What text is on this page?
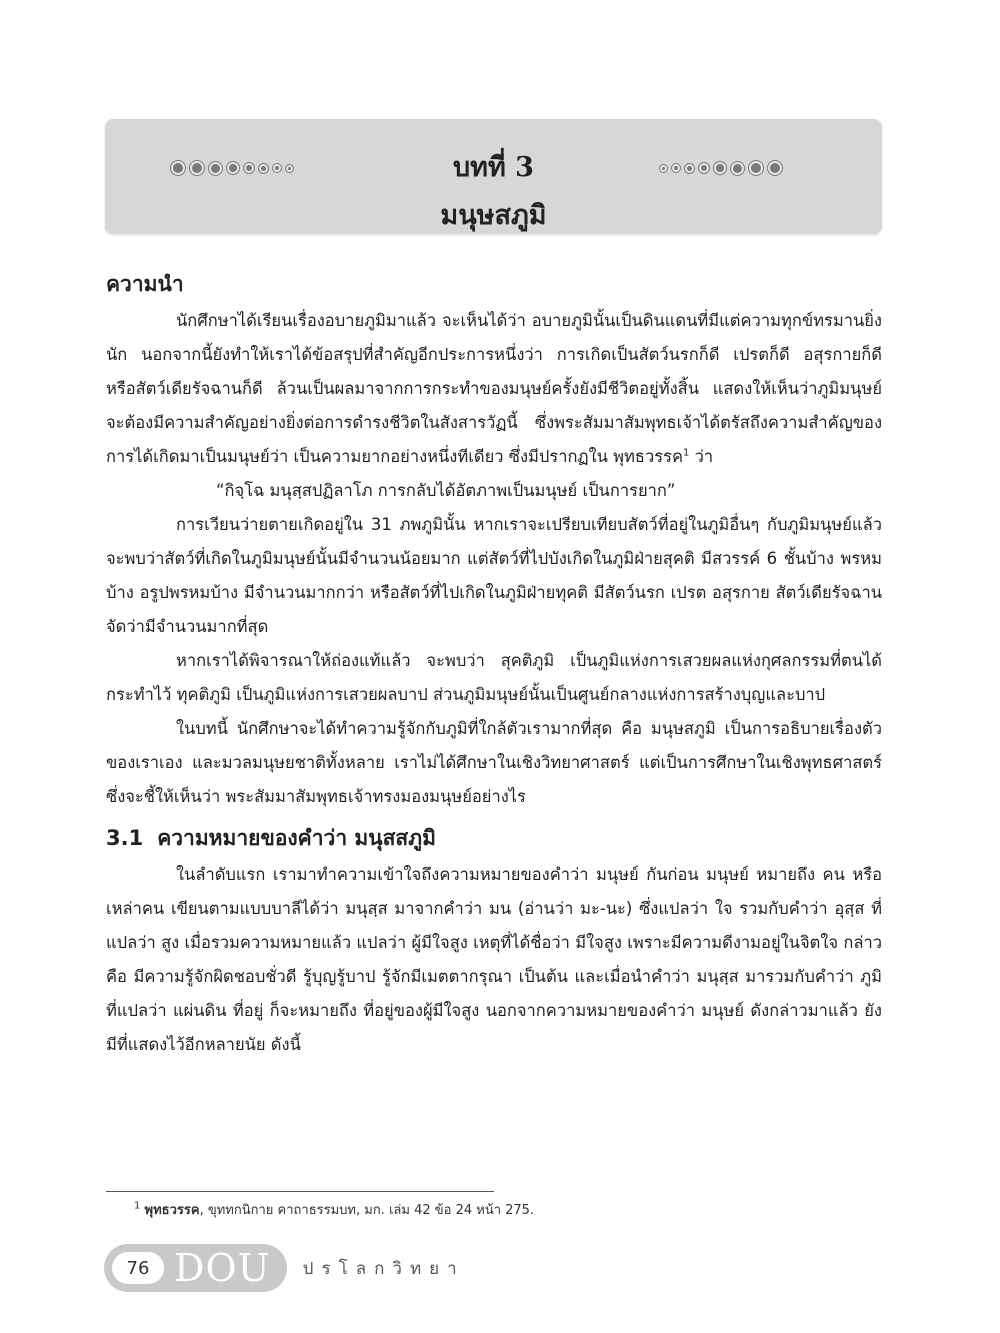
บทที่ 3
มนุษสภูมิ
ความนำ

นักศึกษาได้เรียนเรื่องอบายภูมิมาแล้ว จะเห็นได้ว่า อบายภูมินั้นเป็นดินแดนที่มีแต่ความทุกข์ทรมานยิ่งนัก นอกจากนี้ยังทำให้เราได้ข้อสรุปที่สำคัญอีกประการหนึ่งว่า การเกิดเป็นสัตว์นรกก็ดี เปรตก็ดี อสุรกายก็ดี หรือสัตว์เดียรัจฉานก็ดี ล้วนเป็นผลมาจากการกระทำของมนุษย์ครั้งยังมีชีวิตอยู่ทั้งสิ้น แสดงให้เห็นว่าภูมิมนุษย์จะต้องมีความสำคัญอย่างยิ่งต่อการดำรงชีวิตในสังสารวัฏนี้ ซึ่งพระสัมมาสัมพุทธเจ้าได้ตรัสถึงความสำคัญของการได้เกิดมาเป็นมนุษย์ว่า เป็นความยากอย่างหนึ่งทีเดียว ซึ่งมีปรากฏใน พุทธวรรค$^1$ ว่า

“กิจฺโฉ มนุสฺสปฏิลาโภ การกลับได้อัตภาพเป็นมนุษย์ เป็นการยาก”

การเวียนว่ายตายเกิดอยู่ใน 31 ภพภูมินั้น หากเราจะเปรียบเทียบสัตว์ที่อยู่ในภูมิอื่นๆ กับภูมิมนุษย์แล้ว จะพบว่าสัตว์ที่เกิดในภูมิมนุษย์นั้นมีจำนวนน้อยมาก แต่สัตว์ที่ไปบังเกิดในภูมิฝ่ายสุคติ มีสวรรค์ 6 ชั้นบ้าง พรหมบ้าง อรูปพรหมบ้าง มีจำนวนมากกว่า หรือสัตว์ที่ไปเกิดในภูมิฝ่ายทุคติ มีสัตว์นรก เปรต อสุรกาย สัตว์เดียรัจฉาน จัดว่ามีจำนวนมากที่สุด

หากเราได้พิจารณาให้ถ่องแท้แล้ว จะพบว่า สุคติภูมิ เป็นภูมิแห่งการเสวยผลแห่งกุศลกรรมที่ตนได้กระทำไว้ ทุคติภูมิ เป็นภูมิแห่งการเสวยผลบาป ส่วนภูมิมนุษย์นั้นเป็นศูนย์กลางแห่งการสร้างบุญและบาป

ในบทนี้ นักศึกษาจะได้ทำความรู้จักกับภูมิที่ใกล้ตัวเรามากที่สุด คือ มนุษสภูมิ เป็นการอธิบายเรื่องตัวของเราเอง และมวลมนุษยชาติทั้งหลาย เราไม่ได้ศึกษาในเชิงวิทยาศาสตร์ แต่เป็นการศึกษาในเชิงพุทธศาสตร์ ซึ่งจะชี้ให้เห็นว่า พระสัมมาสัมพุทธเจ้าทรงมองมนุษย์อย่างไร

3.1 ความหมายของคำว่า มนุสสภูมิ

ในลำดับแรก เรามาทำความเข้าใจถึงความหมายของคำว่า มนุษย์ กันก่อน มนุษย์ หมายถึง คน หรือ เหล่าคน เขียนตามแบบบาลีได้ว่า มนุสฺส มาจากคำว่า มน (อ่านว่า มะ-นะ) ซึ่งแปลว่า ใจ รวมกับคำว่า อุสฺส ที่แปลว่า สูง เมื่อรวมความหมายแล้ว แปลว่า ผู้มีใจสูง เหตุที่ได้ชื่อว่า มีใจสูง เพราะมีความดีงามอยู่ในจิตใจ กล่าวคือ มีความรู้จักผิดชอบชั่วดี รู้บุญรู้บาป รู้จักมีเมตตากรุณา เป็นต้น และเมื่อนำคำว่า มนุสฺส มารวมกับคำว่า ภูมิ ที่แปลว่า แผ่นดิน ที่อยู่ ก็จะหมายถึง ที่อยู่ของผู้มีใจสูง นอกจากความหมายของคำว่า มนุษย์ ดังกล่าวมาแล้ว ยังมีที่แสดงไว้อีกหลายนัย ดังนี้

$^1$ พุทธวรรค, ขุททกนิกาย คาถาธรรมบท, มก. เล่ม 42 ข้อ 24 หน้า 275.
76 DOU ปรโลกวิทยา
